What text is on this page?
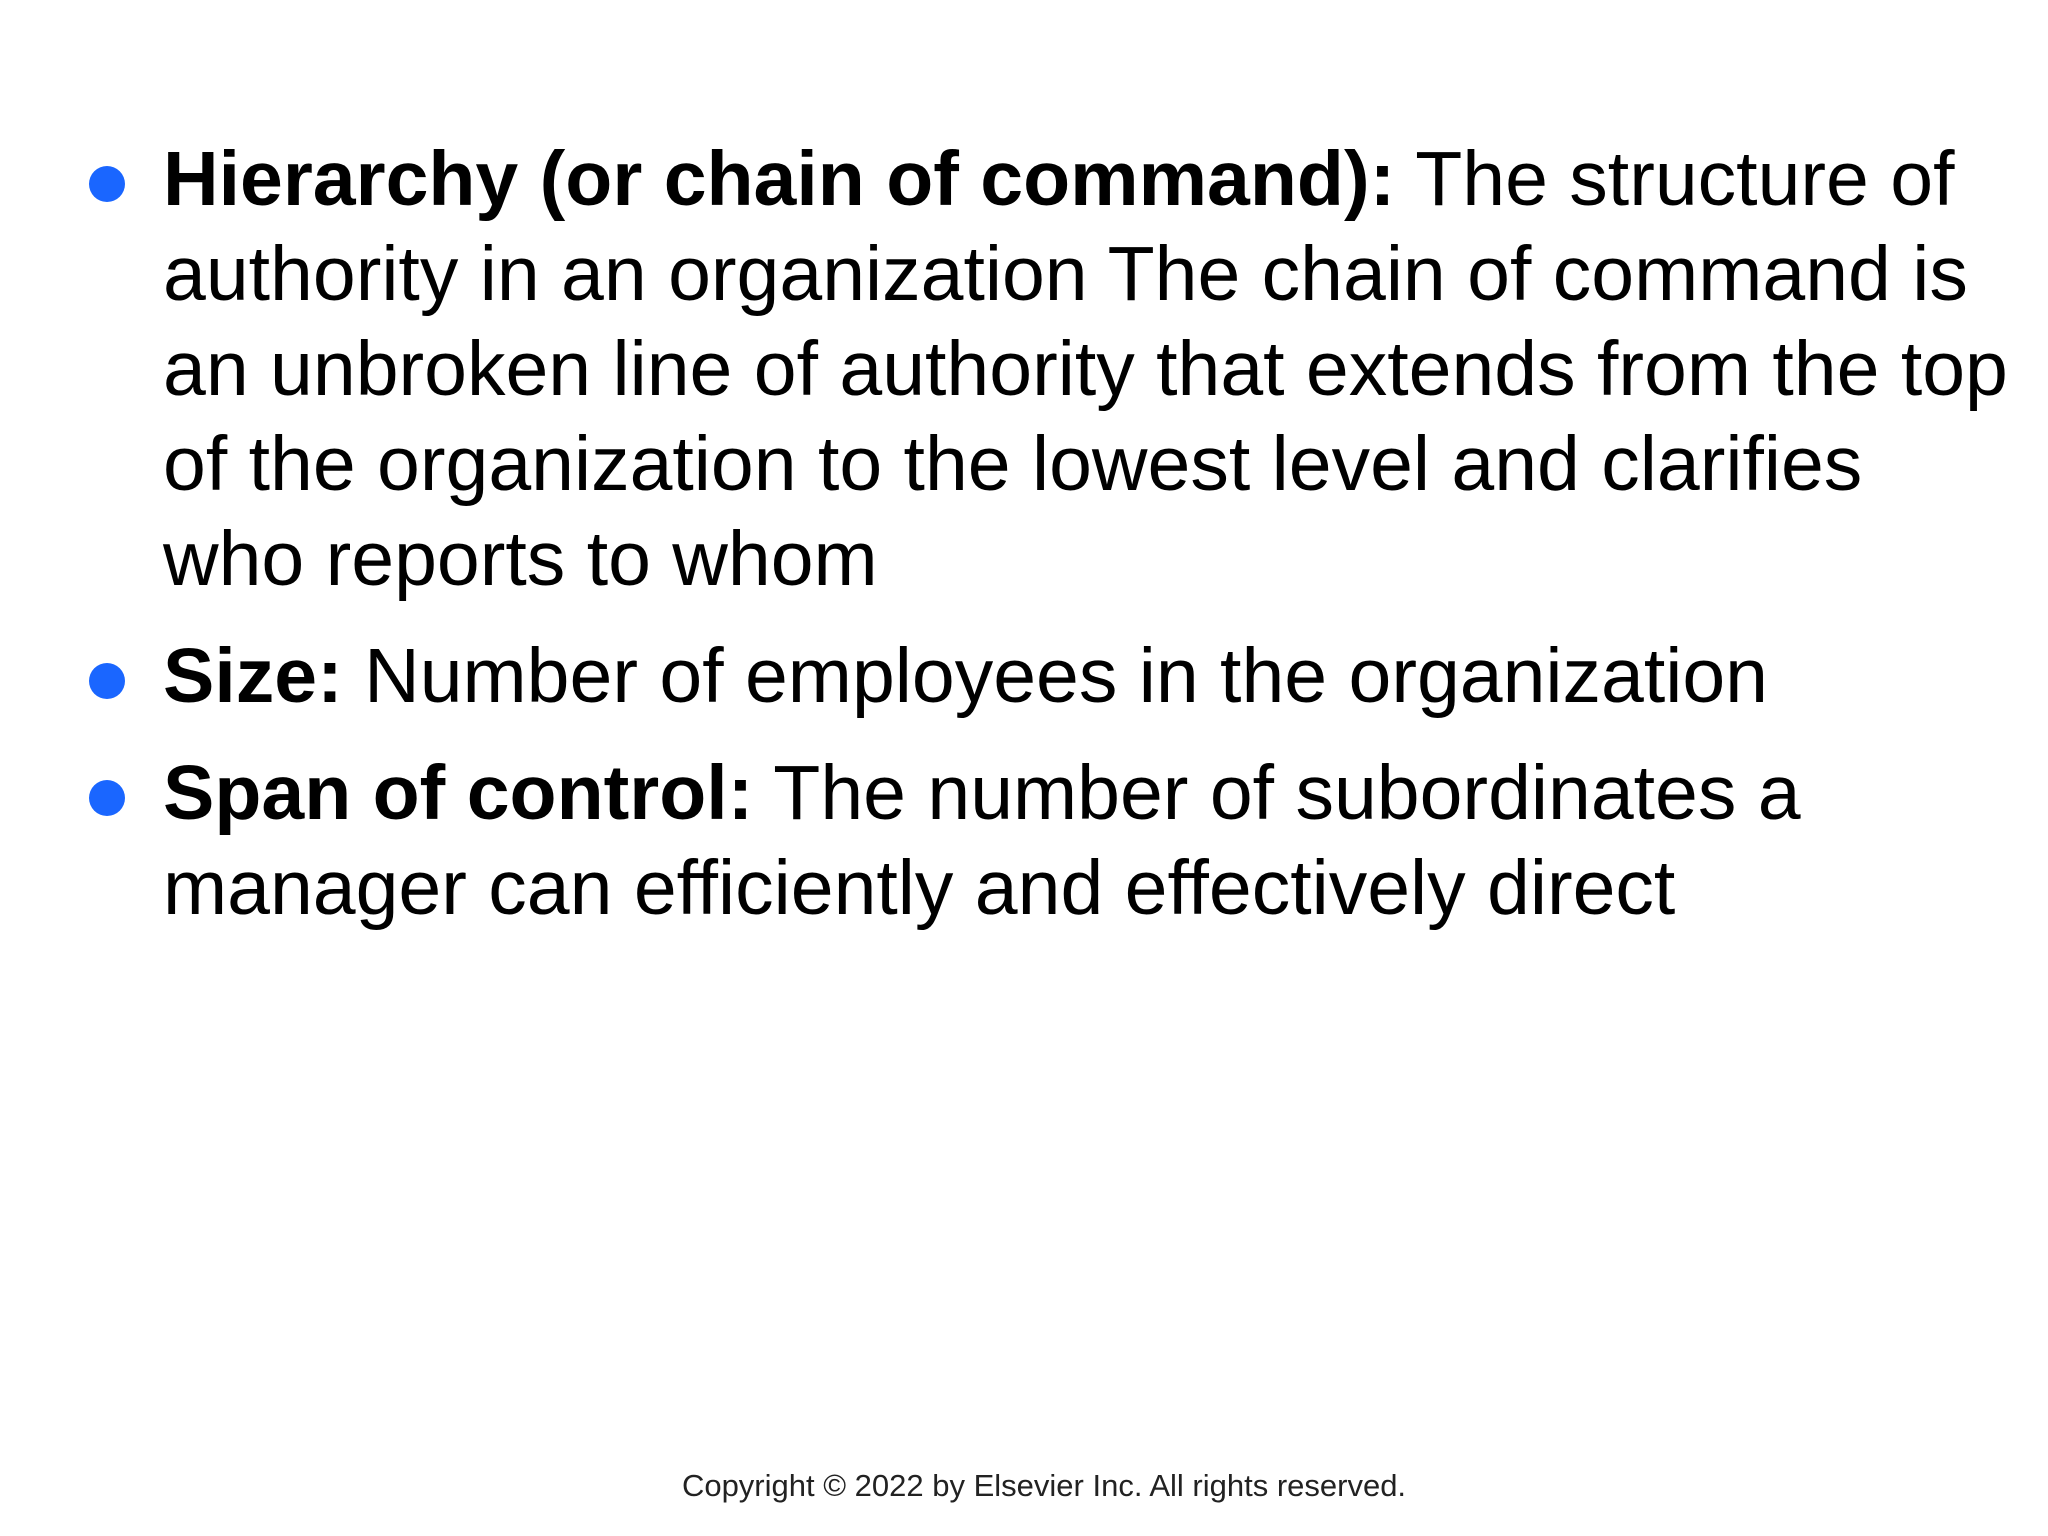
Hierarchy (or chain of command): The structure of authority in an organization The chain of command is an unbroken line of authority that extends from the top of the organization to the lowest level and clarifies who reports to whom
Size: Number of employees in the organization
Span of control: The number of subordinates a manager can efficiently and effectively direct
Copyright © 2022 by Elsevier Inc. All rights reserved.
